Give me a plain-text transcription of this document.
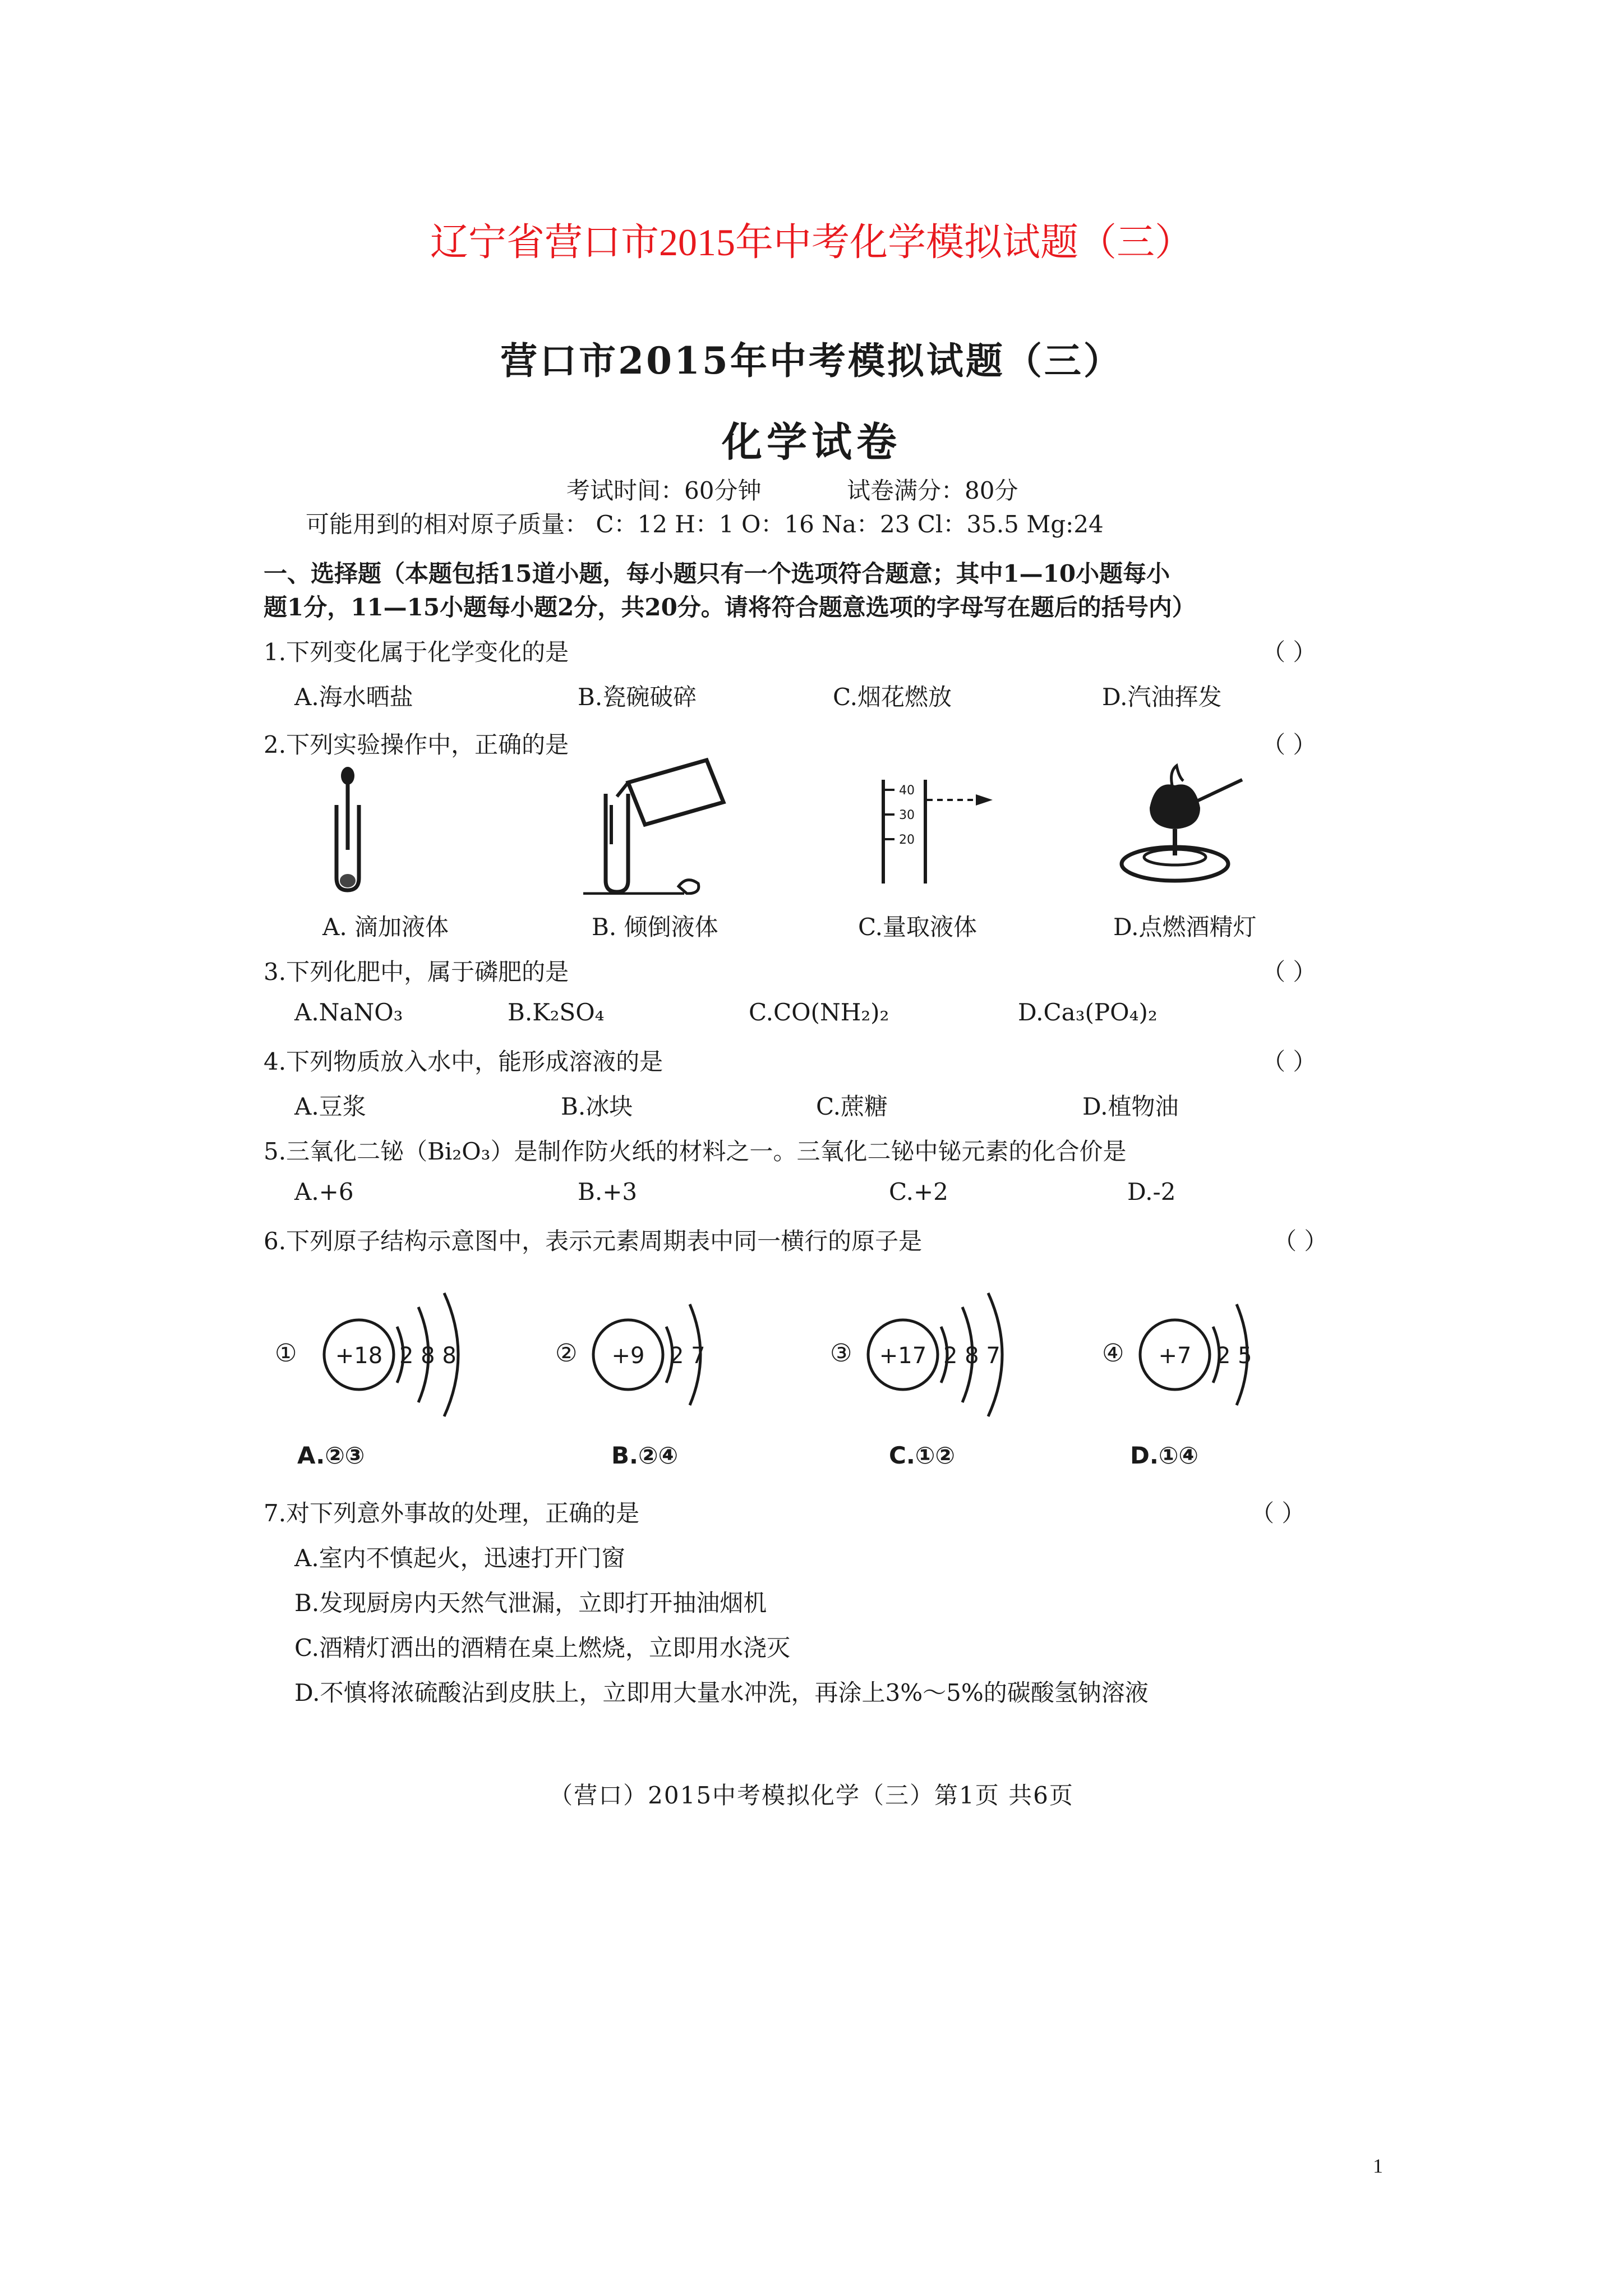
辽宁省营口市2015年中考化学模拟试题（三）
营口市2015年中考模拟试题（三）
化学试卷
考试时间：60分钟	试卷满分：80分
可能用到的相对原子质量： C：12 H：1 O：16 Na：23 Cl：35.5 Mg:24
一、选择题（本题包括15道小题，每小题只有一个选项符合题意；其中1—10小题每小
题1分，11—15小题每小题2分，共20分。请将符合题意选项的字母写在题后的括号内）
1.下列变化属于化学变化的是	（ ）
A.海水晒盐	B.瓷碗破碎	C.烟花燃放	D.汽油挥发
2.下列实验操作中，正确的是	（ ）
40
30
20
A. 滴加液体	B. 倾倒液体	C.量取液体	D.点燃酒精灯
3.下列化肥中，属于磷肥的是	（ ）
A.NaNO₃	B.K₂SO₄	C.CO(NH₂)₂	D.Ca₃(PO₄)₂
4.下列物质放入水中，能形成溶液的是	（ ）
A.豆浆	B.冰块	C.蔗糖	D.植物油
5.三氧化二铋（Bi₂O₃）是制作防火纸的材料之一。三氧化二铋中铋元素的化合价是
A.+6	B.+3	C.+2	D.-2
6.下列原子结构示意图中，表示元素周期表中同一横行的原子是	（ ）
① +18 2 8 8	② +9 2 7	③ +17 2 8 7	④ +7 2 5
A.②③	B.②④	C.①②	D.①④
7.对下列意外事故的处理，正确的是	（ ）
A.室内不慎起火，迅速打开门窗
B.发现厨房内天然气泄漏，立即打开抽油烟机
C.酒精灯洒出的酒精在桌上燃烧，立即用水浇灭
D.不慎将浓硫酸沾到皮肤上，立即用大量水冲洗，再涂上3%～5%的碳酸氢钠溶液
（营口）2015中考模拟化学（三）第1页 共6页
1
